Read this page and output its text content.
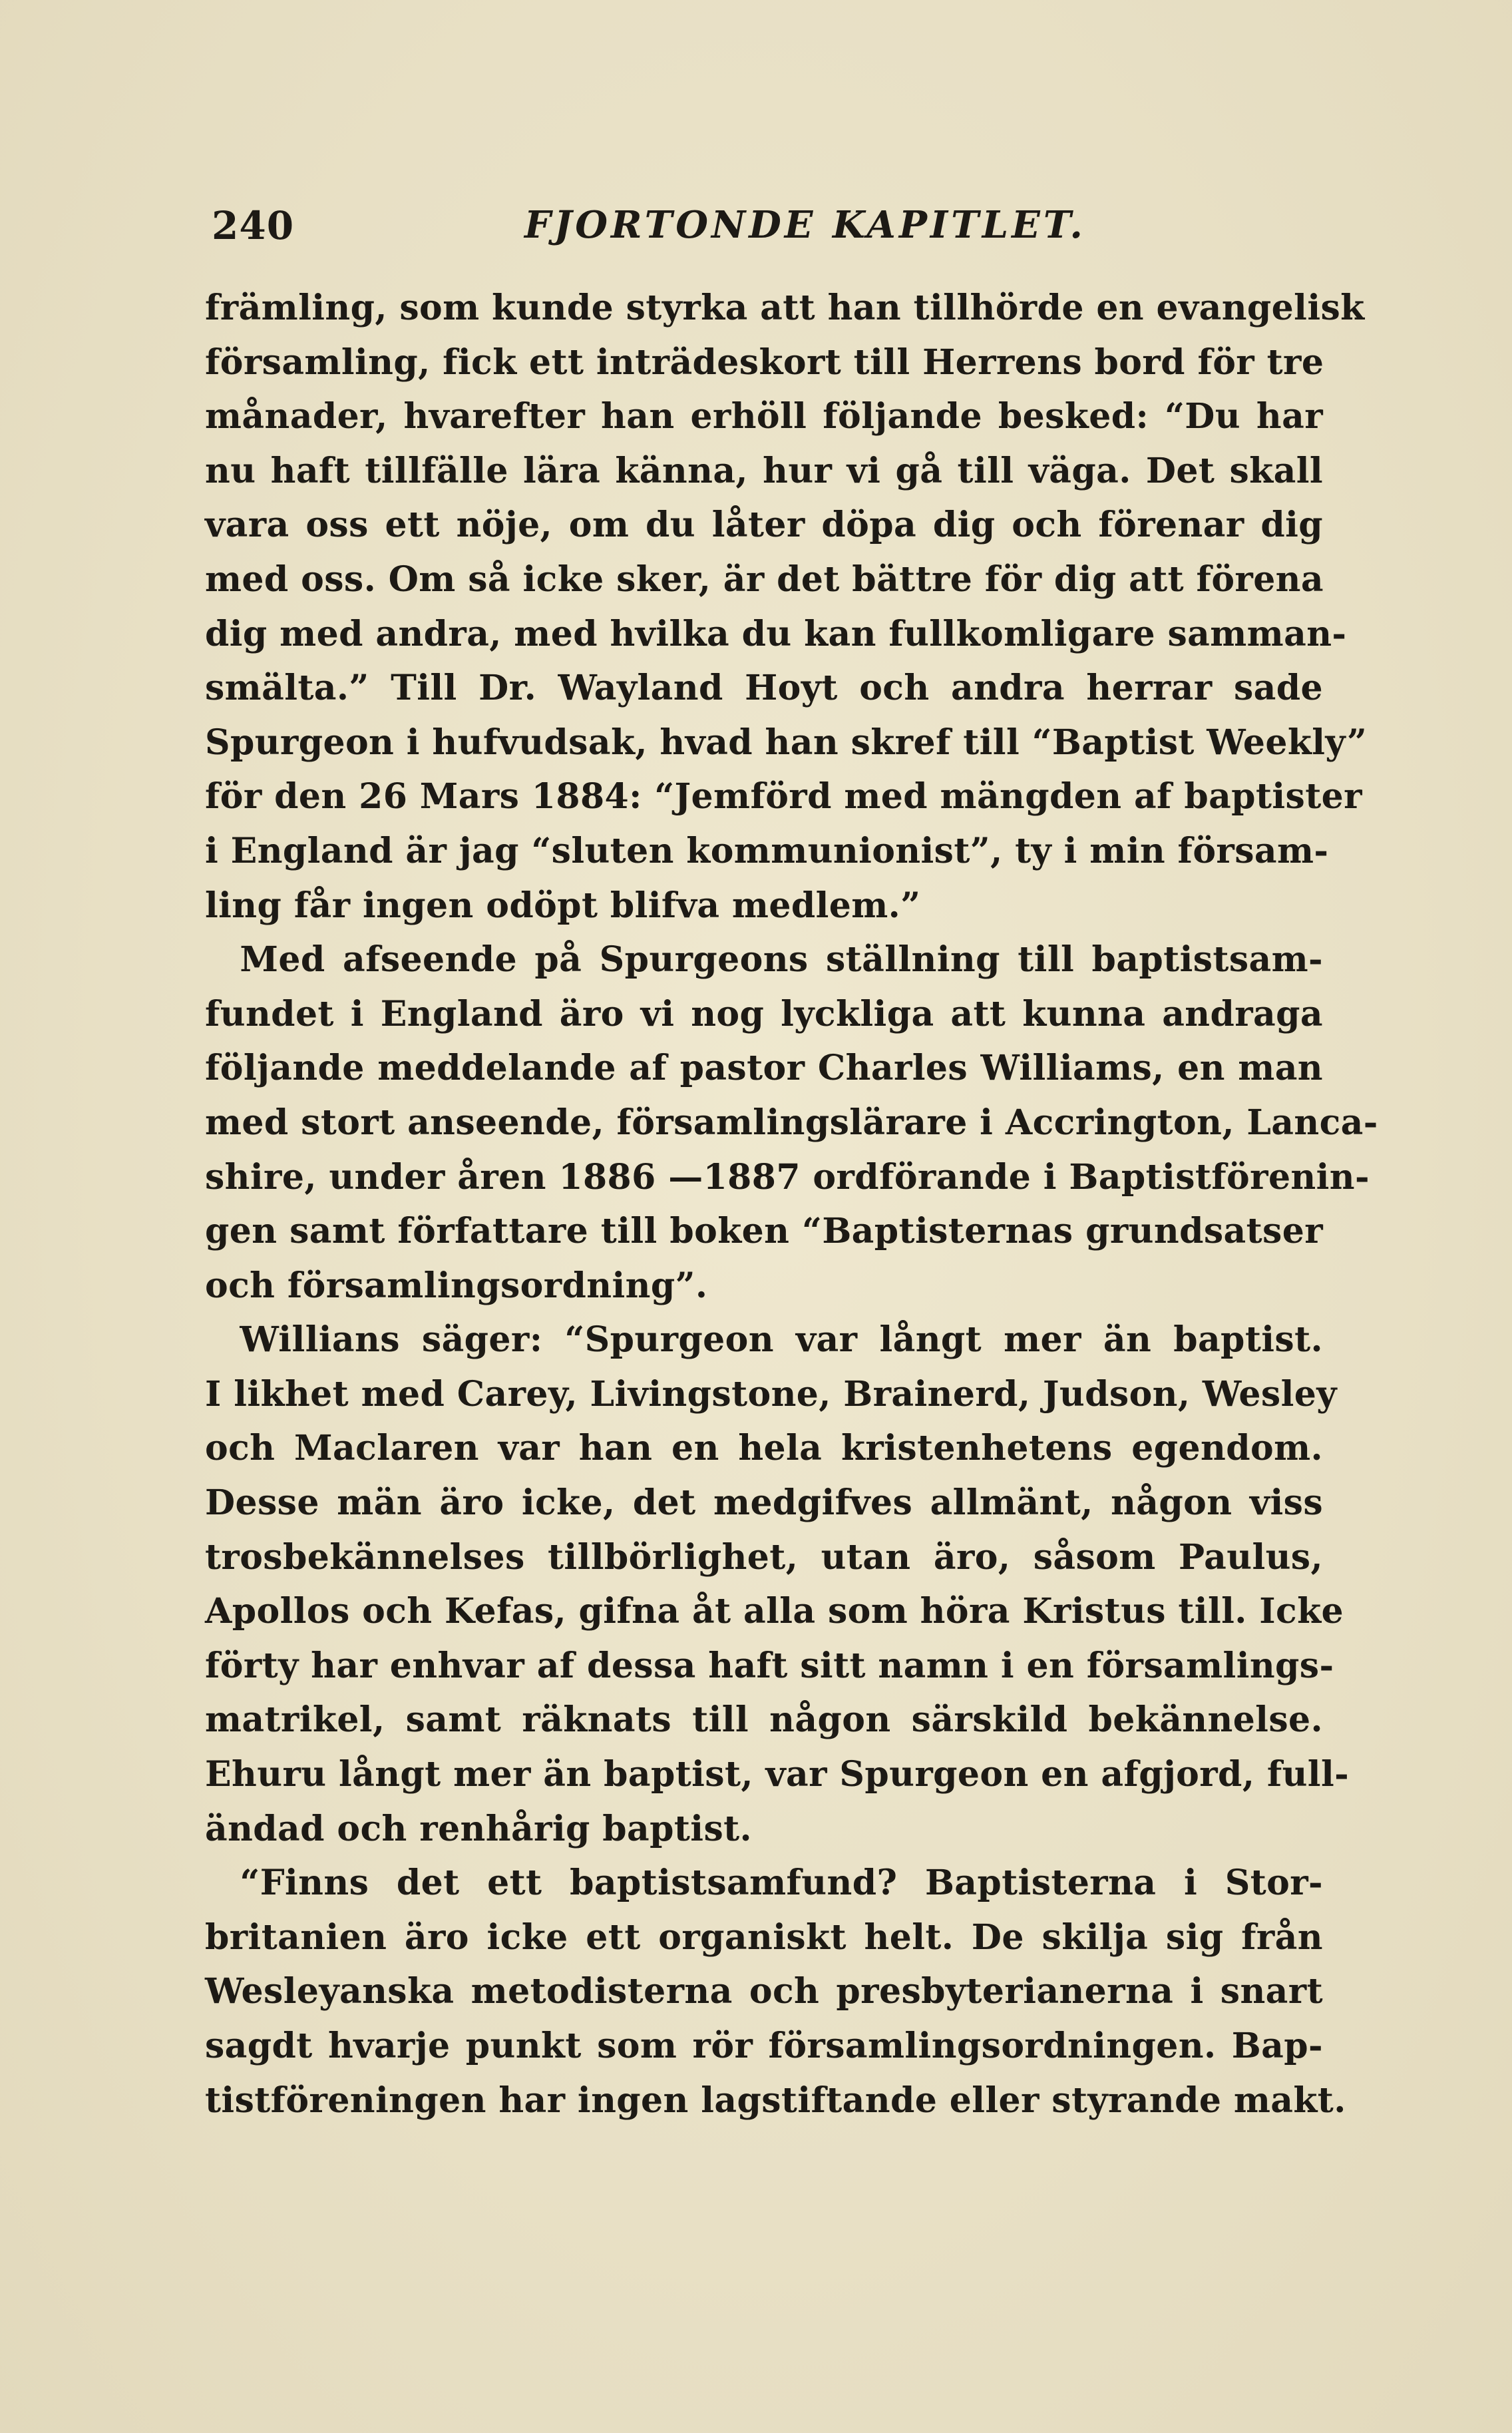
240	FJORTONDE KAPITLET.
främling, som kunde styrka att han tillhörde en evangelisk
församling, fick ett inträdeskort till Herrens bord för tre
månader, hvarefter han erhöll följande besked: “Du har
nu haft tillfälle lära känna, hur vi gå till väga. Det skall
vara oss ett nöje, om du låter döpa dig och förenar dig
med oss. Om så icke sker, är det bättre för dig att förena
dig med andra, med hvilka du kan fullkomligare samman-
smälta.” Till Dr. Wayland Hoyt och andra herrar sade
Spurgeon i hufvudsak, hvad han skref till “Baptist Weekly”
för den 26 Mars 1884: “Jemförd med mängden af baptister
i England är jag “sluten kommunionist”, ty i min försam-
ling får ingen odöpt blifva medlem.”
 Med afseende på Spurgeons ställning till baptistsam-
fundet i England äro vi nog lyckliga att kunna andraga
följande meddelande af pastor Charles Williams, en man
med stort anseende, församlingslärare i Accrington, Lanca-
shire, under åren 1886 —1887 ordförande i Baptistförenin-
gen samt författare till boken “Baptisternas grundsatser
och församlingsordning”.
 Willians säger: “Spurgeon var långt mer än baptist.
I likhet med Carey, Livingstone, Brainerd, Judson, Wesley
och Maclaren var han en hela kristenhetens egendom.
Desse män äro icke, det medgifves allmänt, någon viss
trosbekännelses tillbörlighet, utan äro, såsom Paulus,
Apollos och Kefas, gifna åt alla som höra Kristus till. Icke
förty har enhvar af dessa haft sitt namn i en församlings-
matrikel, samt räknats till någon särskild bekännelse.
Ehuru långt mer än baptist, var Spurgeon en afgjord, full-
ändad och renhårig baptist.
 “Finns det ett baptistsamfund? Baptisterna i Stor-
britanien äro icke ett organiskt helt. De skilja sig från
Wesleyanska metodisterna och presbyterianerna i snart
sagdt hvarje punkt som rör församlingsordningen. Bap-
tistföreningen har ingen lagstiftande eller styrande makt.
